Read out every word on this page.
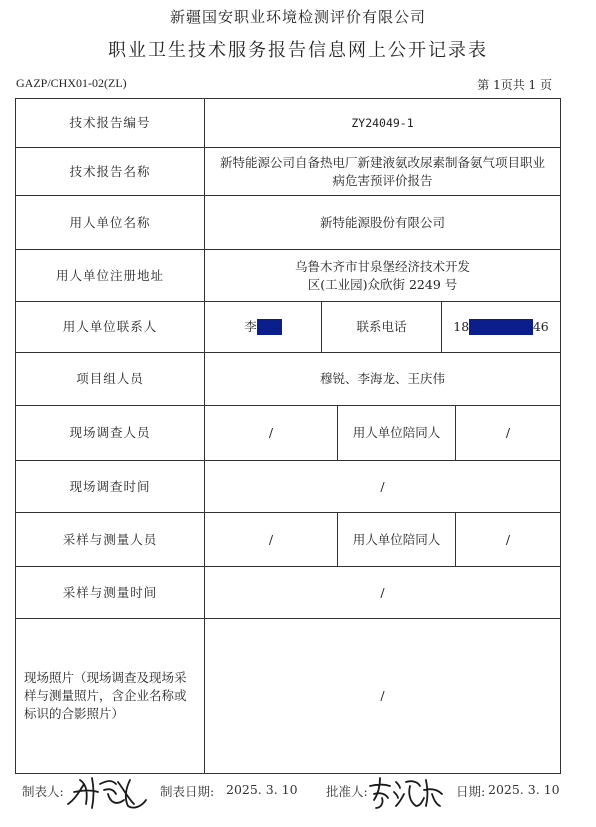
新疆国安职业环境检测评价有限公司
职业卫生技术服务报告信息网上公开记录表
GAZP/CHX01-02(ZL)	第 1页共 1 页
技术报告编号	ZY24049-1				
技术报告名称	新特能源公司自备热电厂新建液氨改尿素制备氨气项目职业病危害预评价报告				
用人单位名称	新特能源股份有限公司				
用人单位注册地址	乌鲁木齐市甘泉堡经济技术开发区(工业园)众欣街 2249 号				
用人单位联系人	李某某	联系电话		180000000046	
项目组人员	穆锐、李海龙、王庆伟				
现场调查人员	/		用人单位陪同人		/
现场调查时间	/				
采样与测量人员	/		用人单位陪同人		/
采样与测量时间	/				
现场照片（现场调查及现场采样与测量照片，含企业名称或标识的合影照片）	/				
制表人:	制表日期: 2025. 3. 10 批准人:	日期: 2025. 3. 10
